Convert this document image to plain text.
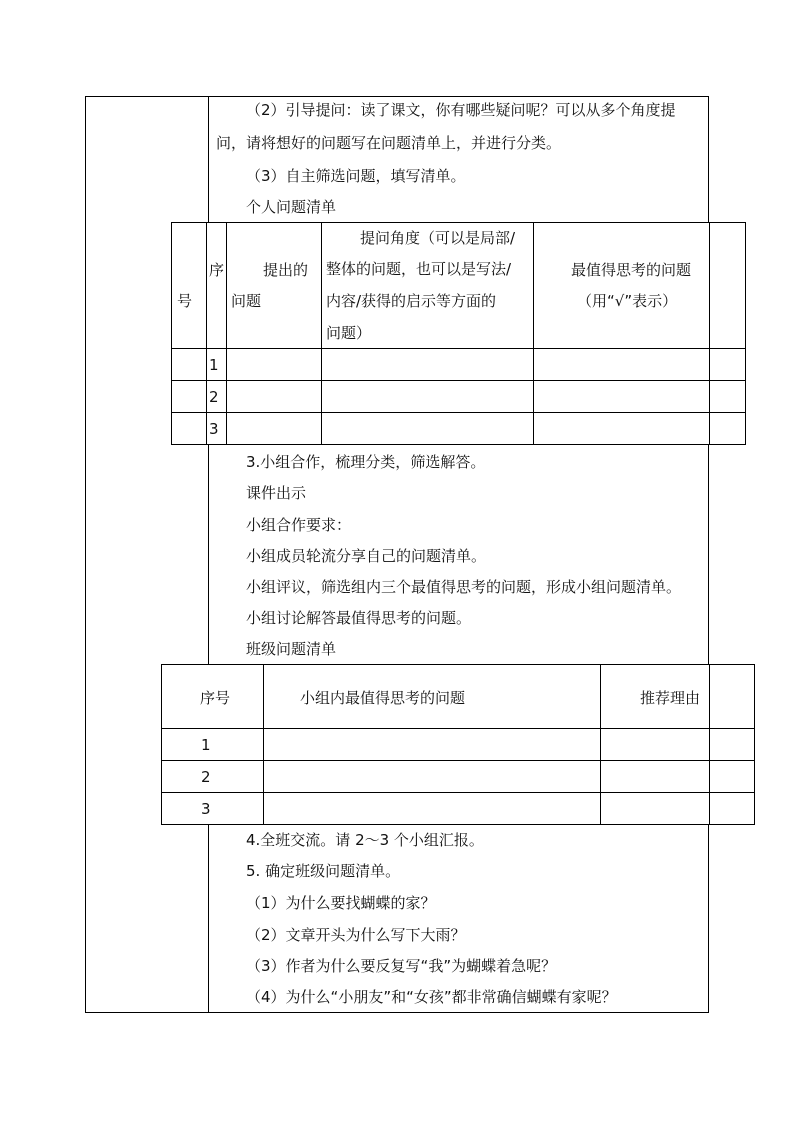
（2）引导提问：读了课文，你有哪些疑问呢？可以从多个角度提
问，请将想好的问题写在问题清单上，并进行分类。
（3）自主筛选问题，填写清单。
个人问题清单
序
号
提出的
问题
提问角度（可以是局部/
整体的问题，也可以是写法/
内容/获得的启示等方面的
问题）
最值得思考的问题
（用“√”表示）
1
2
3
3.小组合作，梳理分类，筛选解答。
课件出示
小组合作要求：
小组成员轮流分享自己的问题清单。
小组评议，筛选组内三个最值得思考的问题，形成小组问题清单。
小组讨论解答最值得思考的问题。
班级问题清单
序号	小组内最值得思考的问题	推荐理由
1
2
3
4.全班交流。请 2～3 个小组汇报。
5. 确定班级问题清单。
（1）为什么要找蝴蝶的家？
（2）文章开头为什么写下大雨？
（3）作者为什么要反复写“我”为蝴蝶着急呢？
（4）为什么“小朋友”和“女孩”都非常确信蝴蝶有家呢？
